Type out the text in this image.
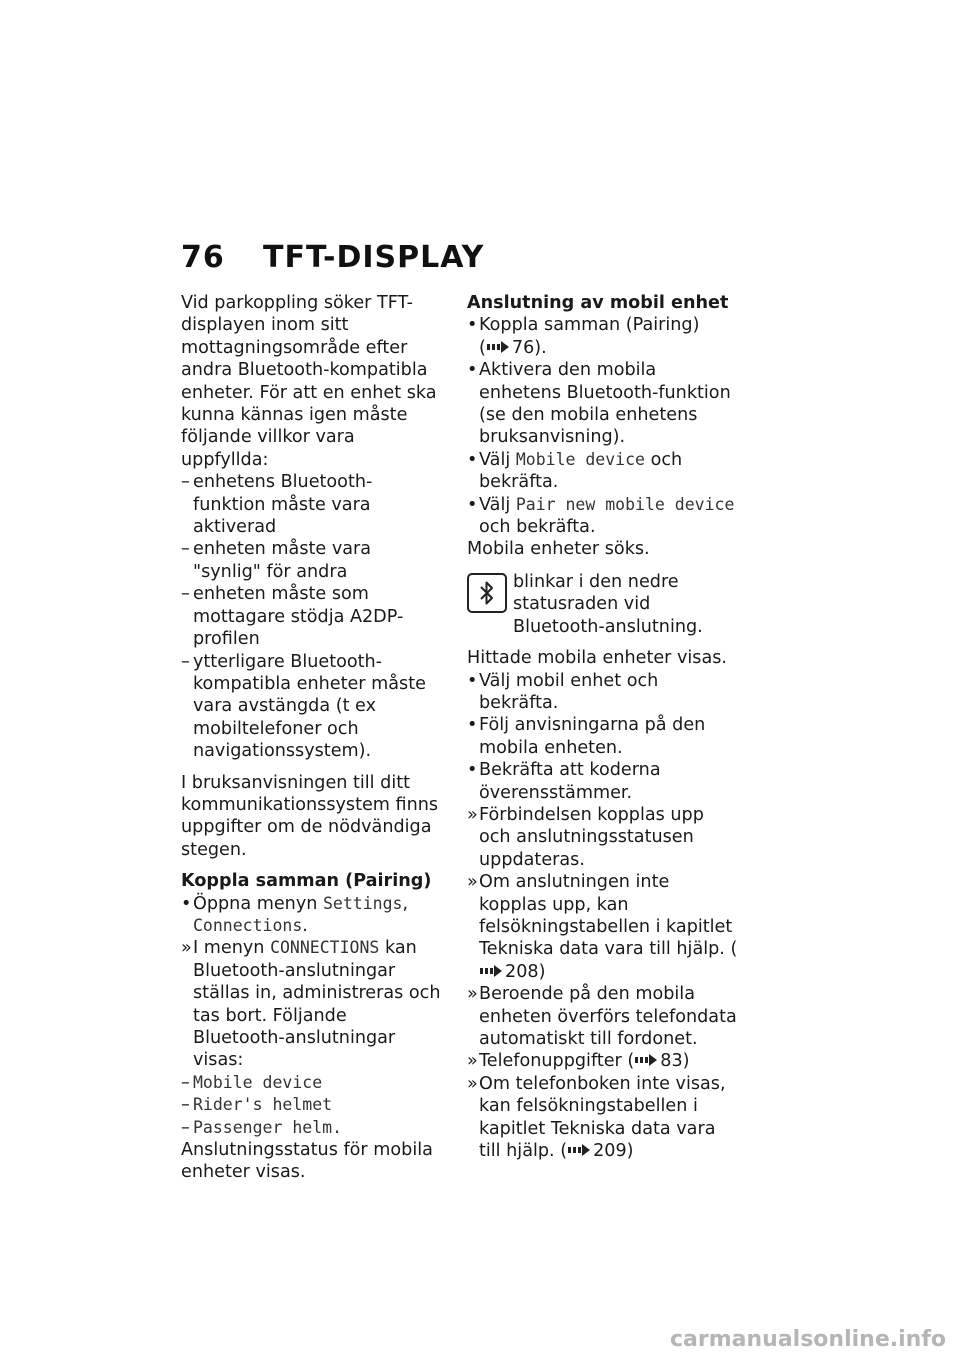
76 TFT-DISPLAY

Vid parkoppling söker TFT-displayen inom sitt mottagningsområde efter andra Bluetooth-kompatibla enheter. För att en enhet ska kunna kännas igen måste följande villkor vara uppfyllda:

– enhetens Bluetooth-funktion måste vara aktiverad
– enheten måste vara "synlig" för andra
– enheten måste som mottagare stödja A2DP-profilen
– ytterligare Bluetooth-kompatibla enheter måste vara avstängda (t ex mobiltelefoner och navigationssystem).

I bruksanvisningen till ditt kommunikationssystem finns uppgifter om de nödvändiga stegen.

Koppla samman (Pairing)

• Öppna menyn Settings, Connections.
» I menyn CONNECTIONS kan Bluetooth-anslutningar ställas in, administreras och tas bort. Följande Bluetooth-anslutningar visas:
– Mobile device
– Rider's helmet
– Passenger helm.

Anslutningsstatus för mobila enheter visas.

Anslutning av mobil enhet

• Koppla samman (Pairing)
( 76).
• Aktivera den mobila enhetens Bluetooth-funktion (se den mobila enhetens bruksanvisning).
• Välj Mobile device och bekräfta.
• Välj Pair new mobile device och bekräfta.

Mobila enheter söks.

blinkar i den nedre statusraden vid Bluetooth-anslutning.

Hittade mobila enheter visas.

• Välj mobil enhet och bekräfta.
• Följ anvisningarna på den mobila enheten.
• Bekräfta att koderna överensstämmer.
» Förbindelsen kopplas upp och anslutningsstatusen uppdateras.
» Om anslutningen inte kopplas upp, kan felsökningstabellen i kapitlet Tekniska data vara till hjälp. (208)
» Beroende på den mobila enheten överförs telefondata automatiskt till fordonet.
» Telefonuppgifter ( 83)
» Om telefonboken inte visas, kan felsökningstabellen i kapitlet Tekniska data vara till hjälp. ( 209)
carmanualsonline.info
